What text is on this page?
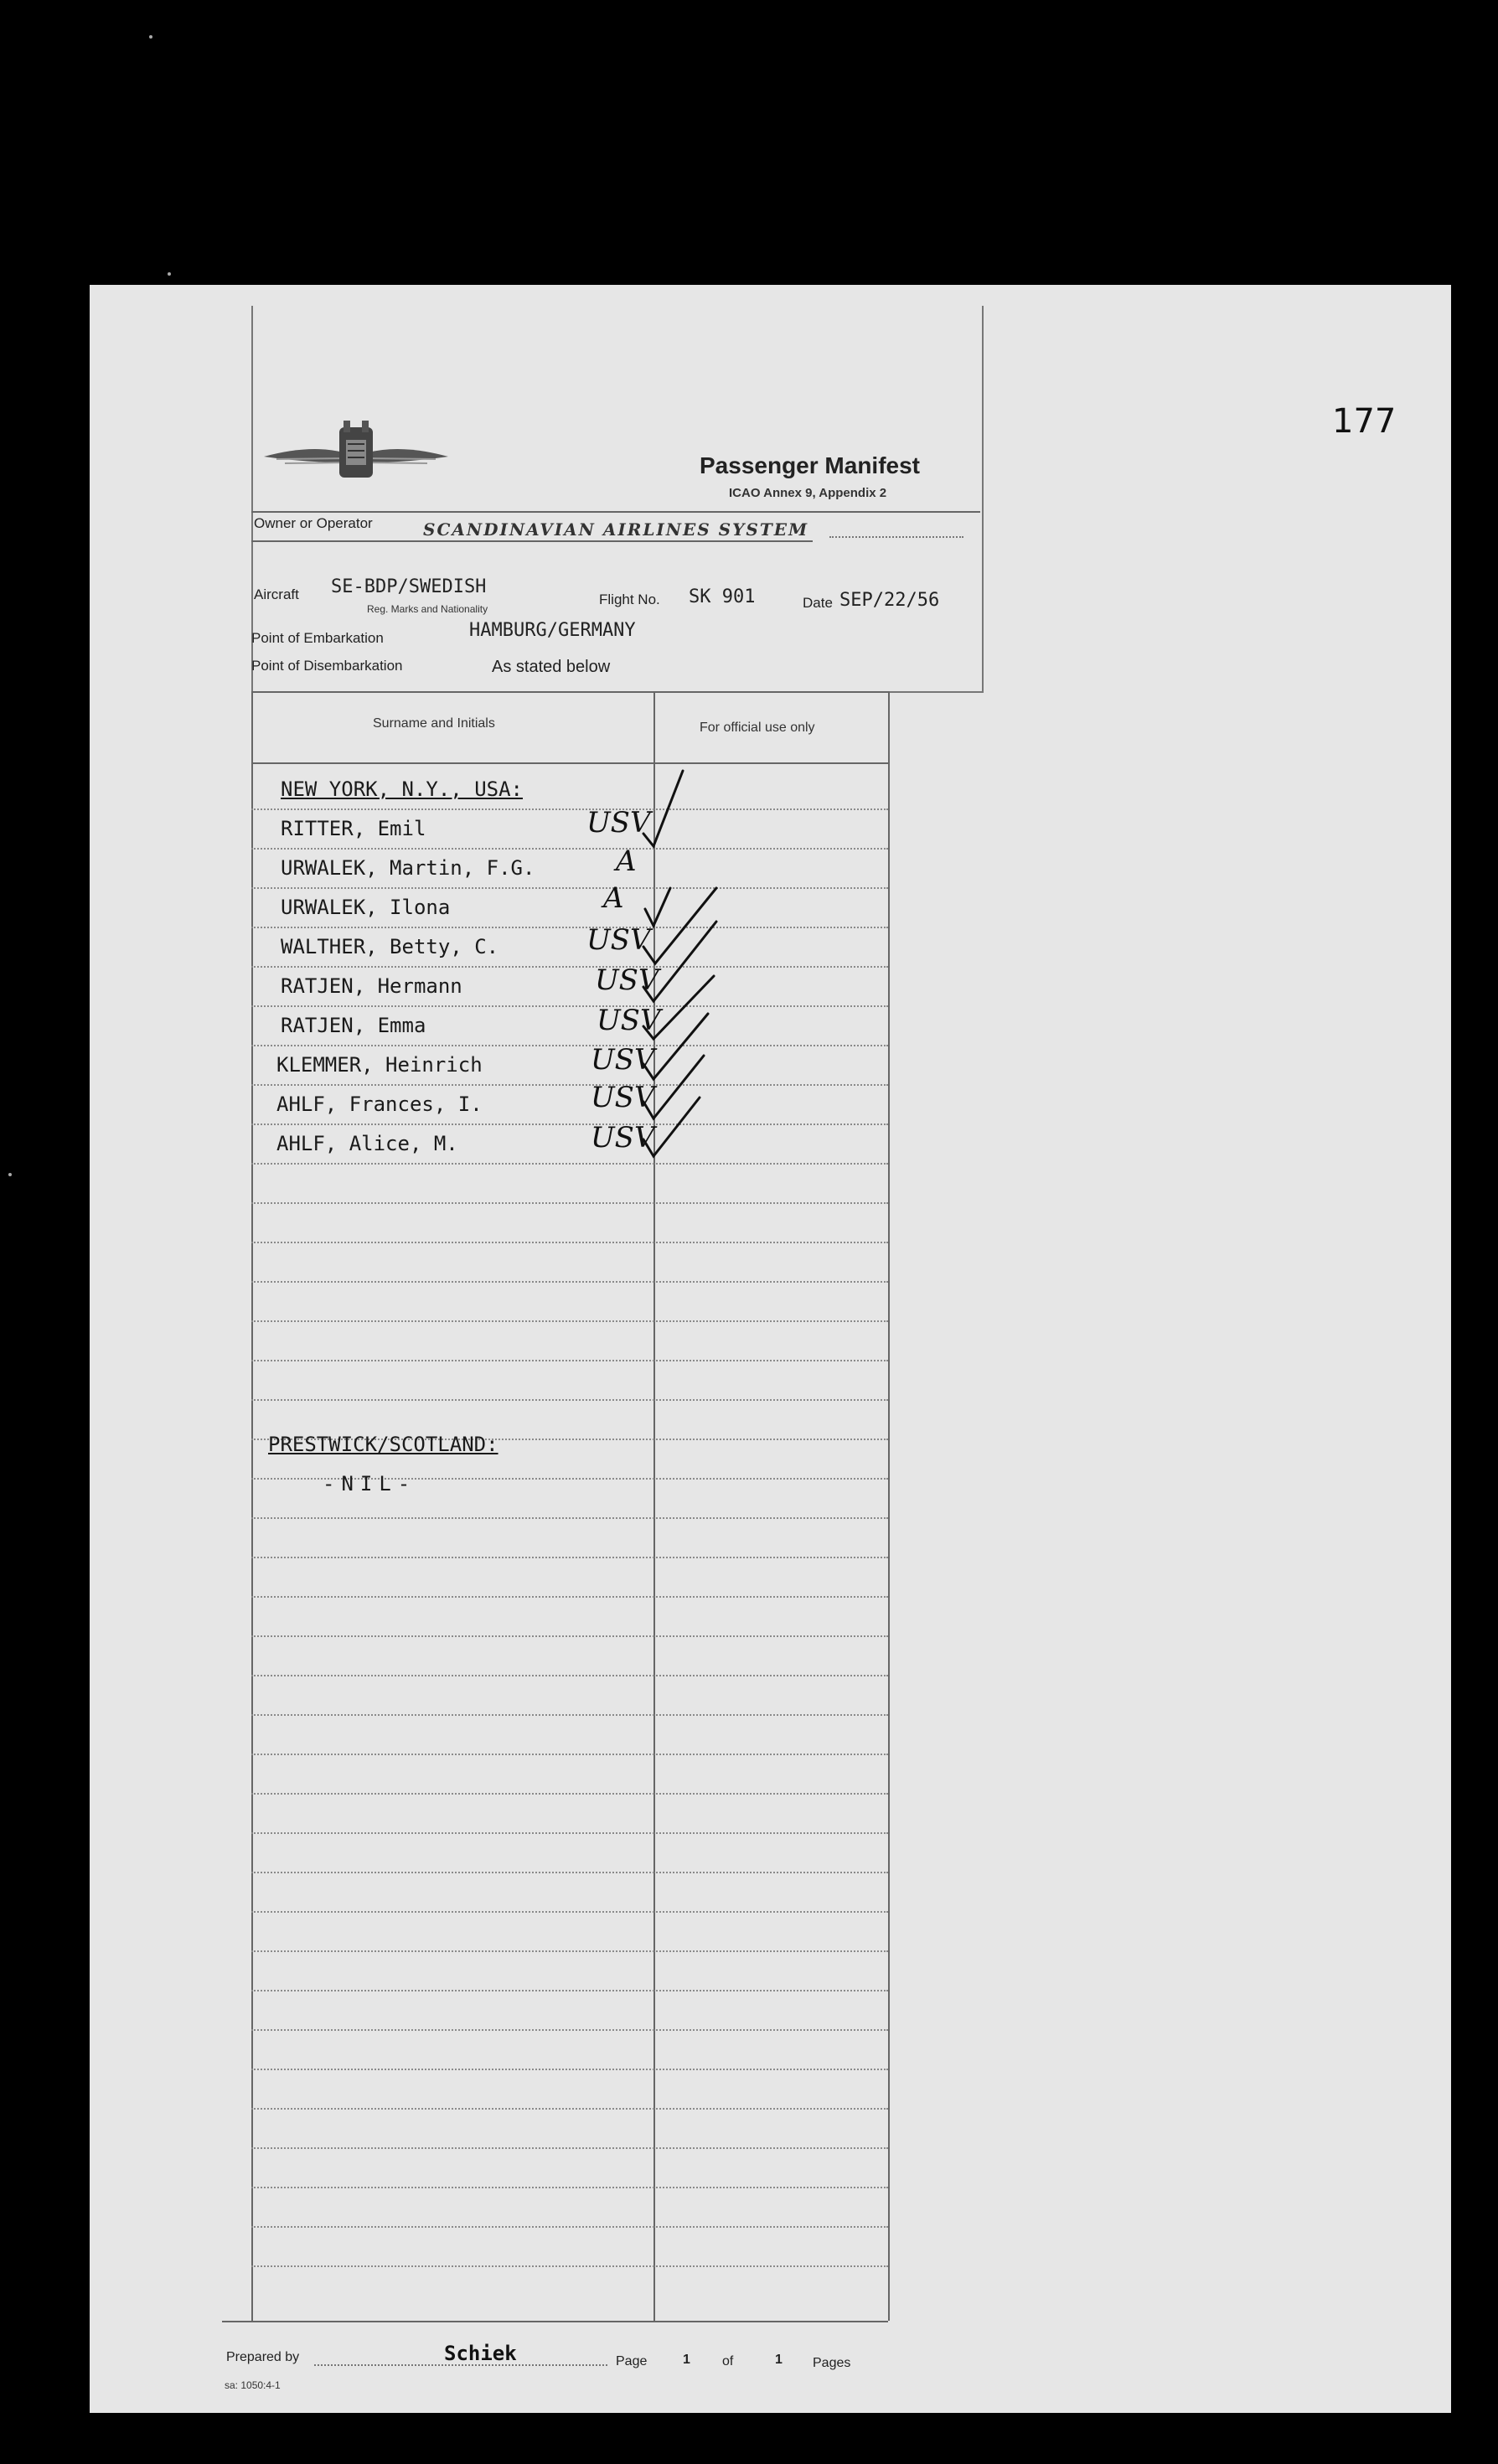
177
Passenger Manifest
ICAO Annex 9, Appendix 2
Owner or Operator	SCANDINAVIAN AIRLINES SYSTEM
Aircraft SE-BDP/SWEDISH
Reg. Marks and Nationality
Flight No. SK 901	Date SEP/22/56
Point of Embarkation	HAMBURG/GERMANY
Point of Disembarkation	As stated below
Surname and Initials	For official use only
NEW YORK, N.Y., USA:
RITTER, Emil	USV
URWALEK, Martin, F.G.	A
URWALEK, Ilona	A
WALTHER, Betty, C.	USV
RATJEN, Hermann	USV
RATJEN, Emma	USV
KLEMMER, Heinrich	USV
AHLF, Frances, I.	USV
AHLF, Alice, M.	USV
PRESTWICK/SCOTLAND:
-NIL-
Prepared by	Schiek	Page	1 of	1 Pages
sa: 1050:4-1
